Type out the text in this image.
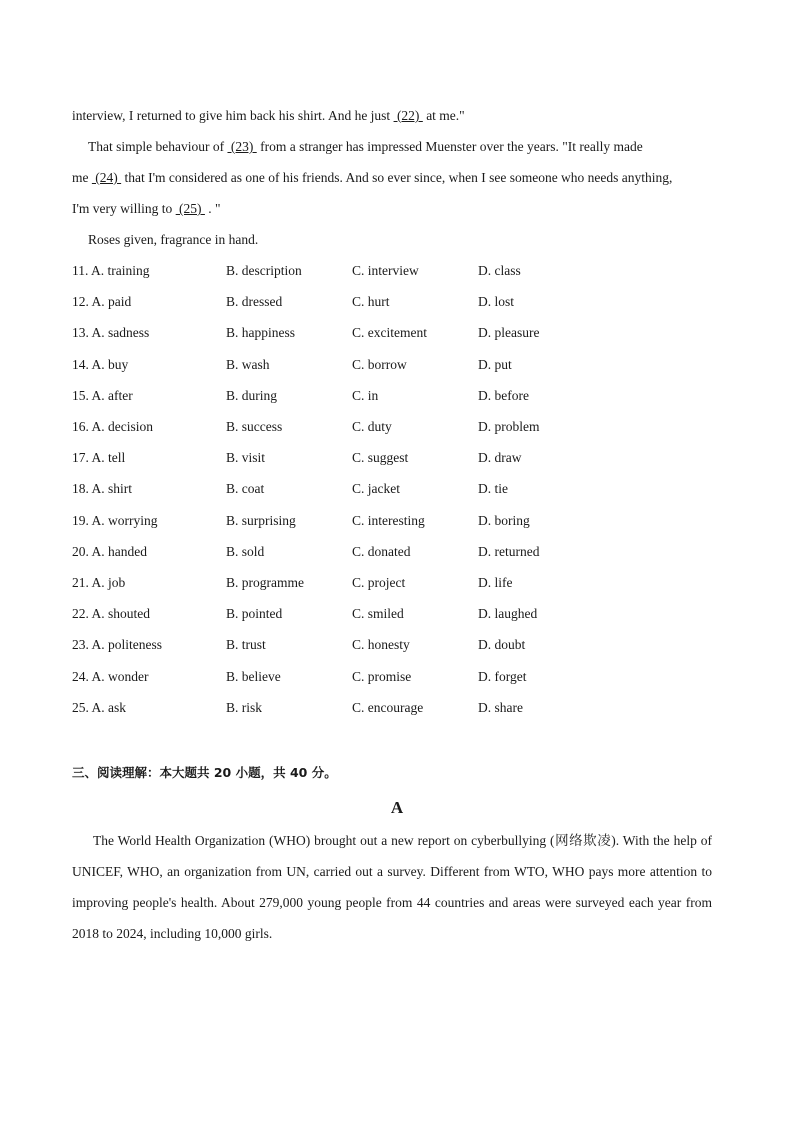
interview, I returned to give him back his shirt. And he just  (22)  at me."

That simple behaviour of  (23)  from a stranger has impressed Muenster over the years. "It really made

me  (24)  that I'm considered as one of his friends. And so ever since, when I see someone who needs anything,

I'm very willing to  (25)  . "

Roses given, fragrance in hand.

11. A. training	B. description	C. interview	D. class
12. A. paid	B. dressed	C. hurt	D. lost
13. A. sadness	B. happiness	C. excitement	D. pleasure
14. A. buy	B. wash	C. borrow	D. put
15. A. after	B. during	C. in	D. before
16. A. decision	B. success	C. duty	D. problem
17. A. tell	B. visit	C. suggest	D. draw
18. A. shirt	B. coat	C. jacket	D. tie
19. A. worrying	B. surprising	C. interesting	D. boring
20. A. handed	B. sold	C. donated	D. returned
21. A. job	B. programme	C. project	D. life
22. A. shouted	B. pointed	C. smiled	D. laughed
23. A. politeness	B. trust	C. honesty	D. doubt
24. A. wonder	B. believe	C. promise	D. forget
25. A. ask	B. risk	C. encourage	D. share
三、阅读理解：本大题共 20 小题，共 40 分。
A

The World Health Organization (WHO) brought out a new report on cyberbullying (网络欺凌). With the help of UNICEF, WHO, an organization from UN, carried out a survey. Different from WTO, WHO pays more attention to improving people's health. About 279,000 young people from 44 countries and areas were surveyed each year from 2018 to 2024, including 10,000 girls.
